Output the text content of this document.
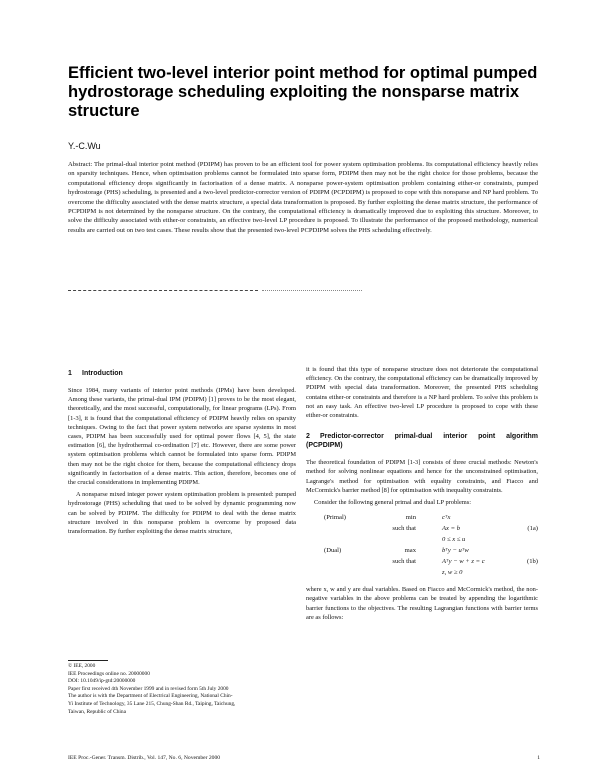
Efficient two-level interior point method for optimal pumped hydrostorage scheduling exploiting the nonsparse matrix structure
Y.-C.Wu

Abstract: The primal-dual interior point method (PDIPM) has proven to be an efficient tool for power system optimisation problems. Its computational efficiency heavily relies on sparsity techniques. Hence, when optimisation problems cannot be formulated into sparse form, PDIPM then may not be the right choice for those problems, because the computational efficiency drops significantly in factorisation of a dense matrix. A nonsparse power-system optimisation problem containing either-or constraints, pumped hydrostorage (PHS) scheduling, is presented and a two-level predictor-corrector version of PDIPM (PCPDIPM) is proposed to cope with this nonsparse and NP hard problem. To overcome the difficulty associated with the dense matrix structure, a special data transformation is proposed. By further exploiting the dense matrix structure, the performance of PCPDIPM is not determined by the nonsparse structure. On the contrary, the computational efficiency is dramatically improved due to exploiting this structure. Moreover, to solve the difficulty associated with either-or constraints, an effective two-level LP procedure is proposed. To illustrate the performance of the proposed methodology, numerical results are carried out on two test cases. These results show that the presented two-level PCPDIPM solves the PHS scheduling effectively.

1 Introduction

Since 1984, many variants of interior point methods (IPMs) have been developed. Among these variants, the primal-dual IPM (PDIPM) [1] proves to be the most elegant, theoretically, and the most successful, computationally, for linear programs (LPs). From [1-3], it is found that the computational efficiency of PDIPM heavily relies on sparsity techniques. Owing to the fact that power system networks are sparse systems in most cases, PDIPM has been successfully used for optimal power flows [4, 5], the state estimation [6], the hydrothermal co-ordination [7] etc. However, there are some power system optimisation problems which cannot be formulated into sparse form. PDIPM then may not be the right choice for them, because the computational efficiency drops significantly in factorisation of a dense matrix. This action, therefore, becomes one of the crucial considerations in implementing PDIPM.

A nonsparse mixed integer power system optimisation problem is presented: pumped hydrostorage (PHS) scheduling that used to be solved by dynamic programming now can be solved by PDIPM. The difficulty for PDIPM to deal with the dense matrix structure involved in this nonsparse problem is overcome by proposed data transformation. By further exploiting the dense matrix structure,

it is found that this type of nonsparse structure does not deteriorate the computational efficiency. On the contrary, the computational efficiency can be dramatically improved by PDIPM with special data transformation. Moreover, the presented PHS scheduling contains either-or constraints and therefore is a NP hard problem. To solve this problem is not an easy task. An effective two-level LP procedure is proposed to cope with these either-or constraints.

2 Predictor-corrector primal-dual interior point algorithm (PCPDIPM)

The theoretical foundation of PDIPM [1-3] consists of three crucial methods: Newton's method for solving nonlinear equations and hence for the unconstrained optimisation, Lagrange's method for optimisation with equality constraints, and Fiacco and McCormick's barrier method [8] for optimisation with inequality constraints.

Consider the following general primal and dual LP problems:

(Primal)	min	cᵀx
such that	Ax = b	(1a)
0 ≤ x ≤ u
(Dual)	max	bᵀy − uᵀw
such that	Aᵀy − w + z = c	(1b)
z, w ≥ 0

where x, w and y are dual variables. Based on Fiacco and McCormick's method, the non-negative variables in the above problems can be treated by appending the logarithmic barrier functions to the objectives. The resulting Lagrangian functions with barrier terms are as follows:

© IEE, 2000
IEE Proceedings online no. 20000000
DOI: 10.1049/ip-gtd:20000000
Paper first received 4th November 1999 and in revised form 5th July 2000
The author is with the Department of Electrical Engineering, National Chin-
Yi Institute of Technology, 35 Lane 215, Chung-Shan Rd., Taiping, Taichung,
Taiwan, Republic of China
IEE Proc.-Gener. Transm. Distrib., Vol. 147, No. 6, November 2000	1
